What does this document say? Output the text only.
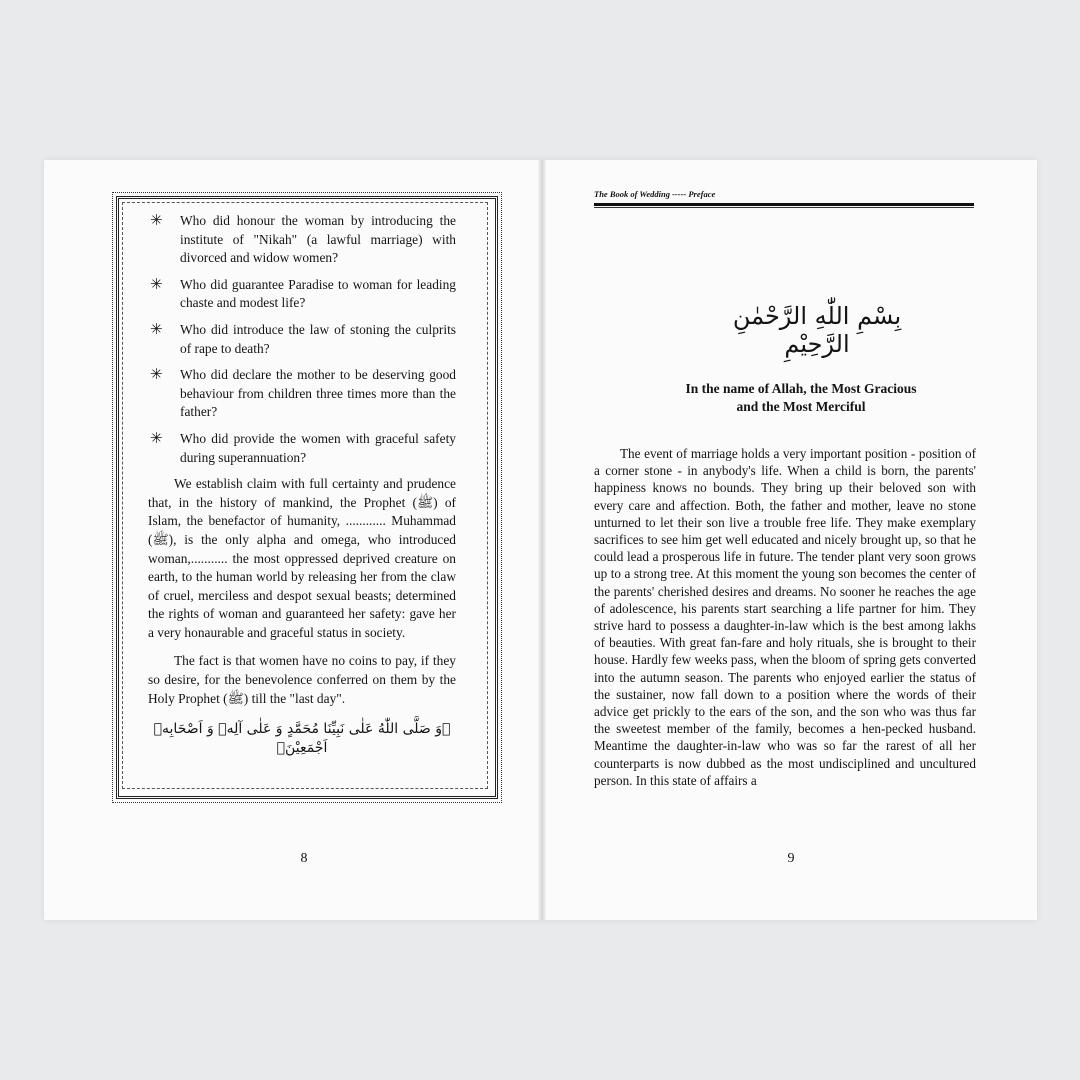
✳ Who did honour the woman by introducing the institute of "Nikah" (a lawful marriage) with divorced and widow women?
✳ Who did guarantee Paradise to woman for leading chaste and modest life?
✳ Who did introduce the law of stoning the culprits of rape to death?
✳ Who did declare the mother to be deserving good behaviour from children three times more than the father?
✳ Who did provide the women with graceful safety during superannuation?

We establish claim with full certainty and prudence that, in the history of mankind, the Prophet (ﷺ) of Islam, the benefactor of humanity, ............ Muhammad (ﷺ), is the only alpha and omega, who introduced woman,........... the most oppressed deprived creature on earth, to the human world by releasing her from the claw of cruel, merciless and despot sexual beasts; determined the rights of woman and guaranteed her safety: gave her a very honaurable and graceful status in society.

The fact is that women have no coins to pay, if they so desire, for the benevolence conferred on them by the Holy Prophet (ﷺ) till the "last day".

﴿وَ صَلَّى اللّٰهُ عَلٰى نَبِيِّنَا مُحَمَّدٍ وَ عَلٰى آلِهٖ وَ اَصْحَابِهٖ اَجْمَعِيْنَ﴾
8
The Book of Wedding ----- Preface
بِسْمِ اللّٰهِ الرَّحْمٰنِ الرَّحِيْمِ
In the name of Allah, the Most Gracious
and the Most Merciful

The event of marriage holds a very important position - position of a corner stone - in anybody's life. When a child is born, the parents' happiness knows no bounds. They bring up their beloved son with every care and affection. Both, the father and mother, leave no stone unturned to let their son live a trouble free life. They make exemplary sacrifices to see him get well educated and nicely brought up, so that he could lead a prosperous life in future. The tender plant very soon grows up to a strong tree. At this moment the young son becomes the center of the parents' cherished desires and dreams. No sooner he reaches the age of adolescence, his parents start searching a life partner for him. They strive hard to possess a daughter-in-law which is the best among lakhs of beauties. With great fan-fare and holy rituals, she is brought to their house. Hardly few weeks pass, when the bloom of spring gets converted into the autumn season. The parents who enjoyed earlier the status of the sustainer, now fall down to a position where the words of their advice get prickly to the ears of the son, and the son who was thus far the sweetest member of the family, becomes a hen-pecked husband. Meantime the daughter-in-law who was so far the rarest of all her counterparts is now dubbed as the most undisciplined and uncultured person. In this state of affairs a

9
